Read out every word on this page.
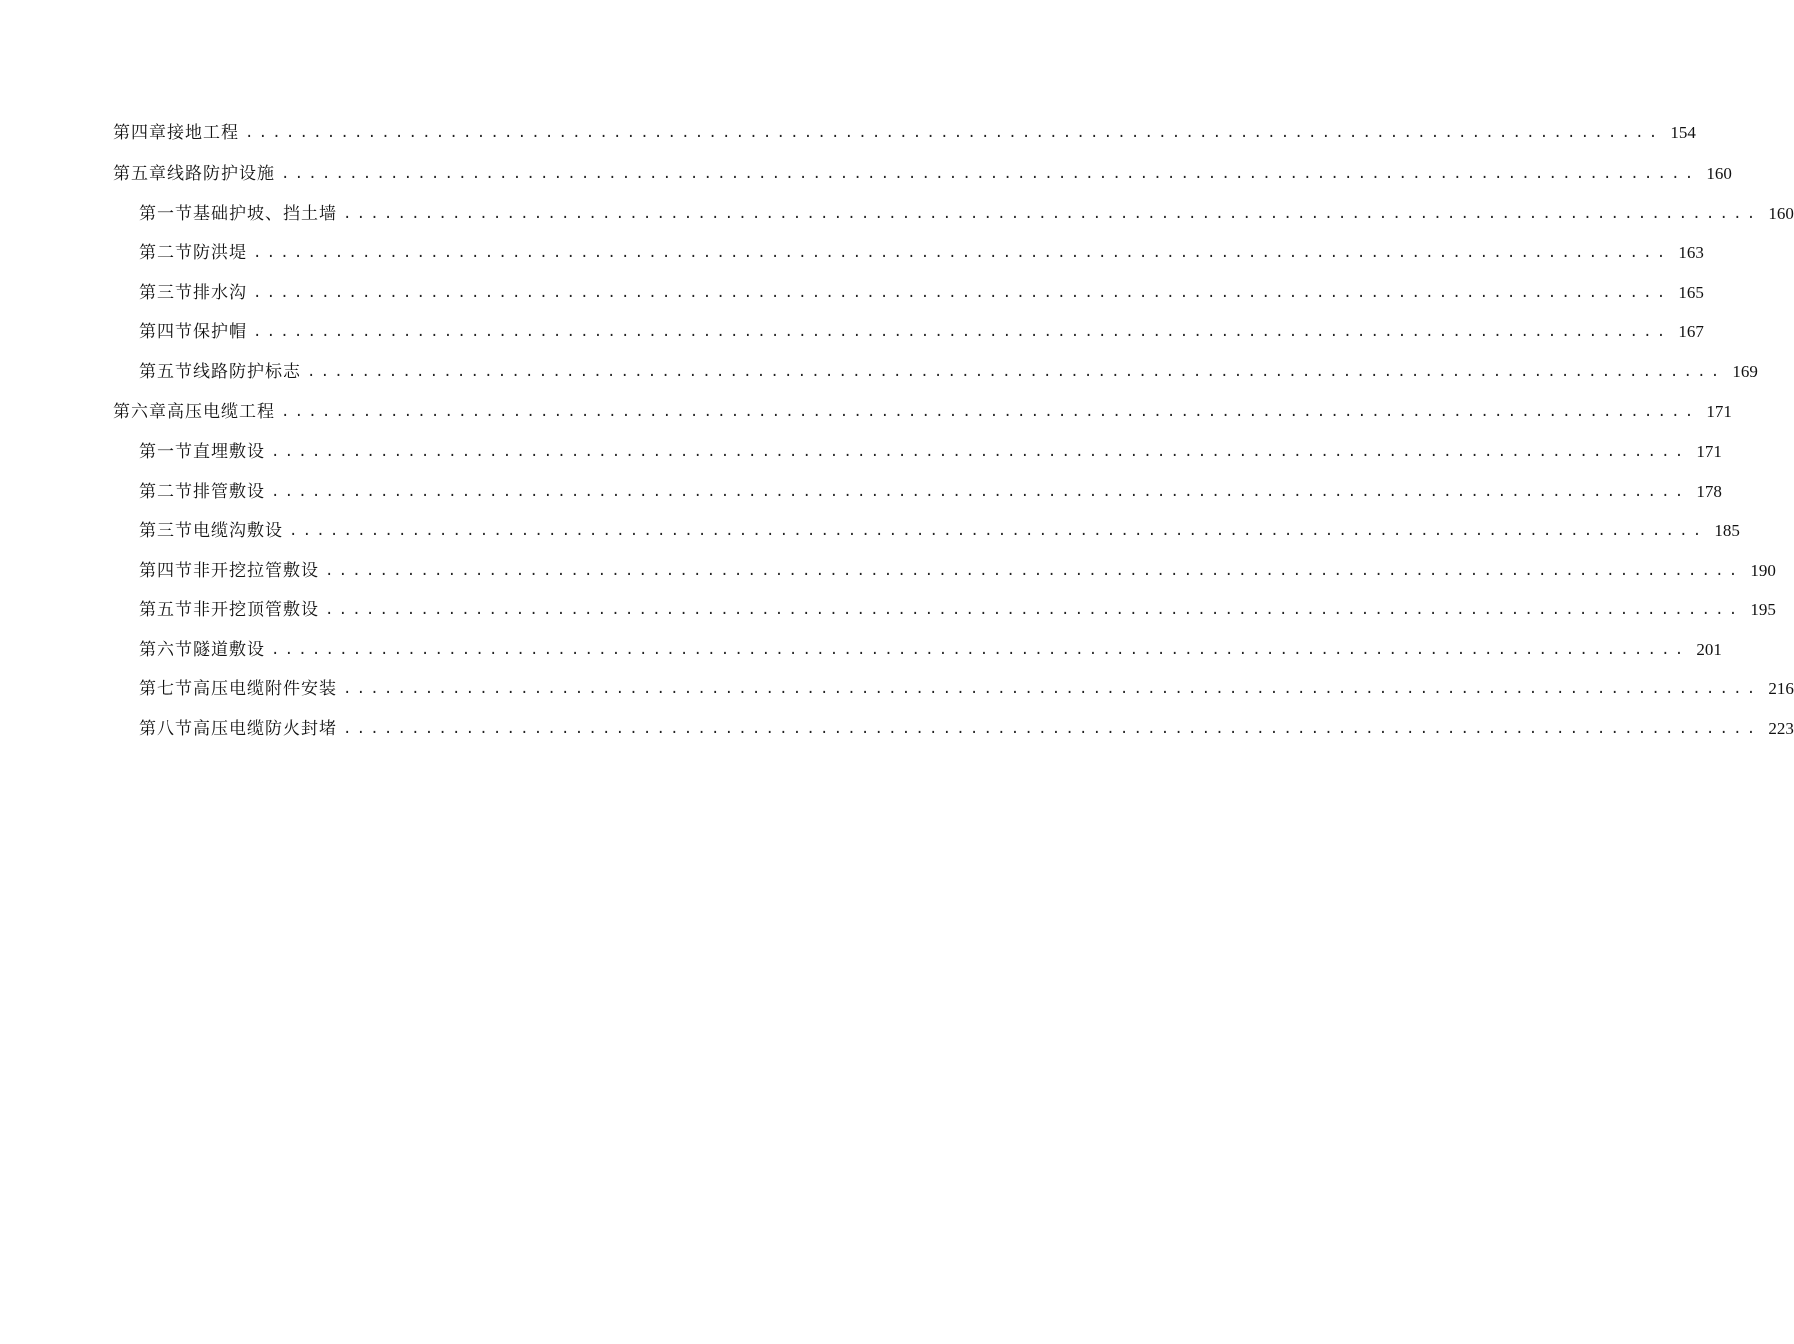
第四章 接地工程 ........................................................................................................ 154
第五章 线路防护设施 ........................................................................................................ 160
第一节 基础护坡、挡土墙 ........................................................................................................ 160
第二节 防洪堤 ........................................................................................................ 163
第三节 排水沟 ........................................................................................................ 165
第四节 保护帽 ........................................................................................................ 167
第五节 线路防护标志 ........................................................................................................ 169
第六章 高压电缆工程 ........................................................................................................ 171
第一节 直埋敷设 ........................................................................................................ 171
第二节 排管敷设 ........................................................................................................ 178
第三节 电缆沟敷设 ........................................................................................................ 185
第四节 非开挖拉管敷设 ........................................................................................................ 190
第五节 非开挖顶管敷设 ........................................................................................................ 195
第六节 隧道敷设 ........................................................................................................ 201
第七节 高压电缆附件安装 ........................................................................................................ 216
第八节 高压电缆防火封堵 ........................................................................................................ 223
